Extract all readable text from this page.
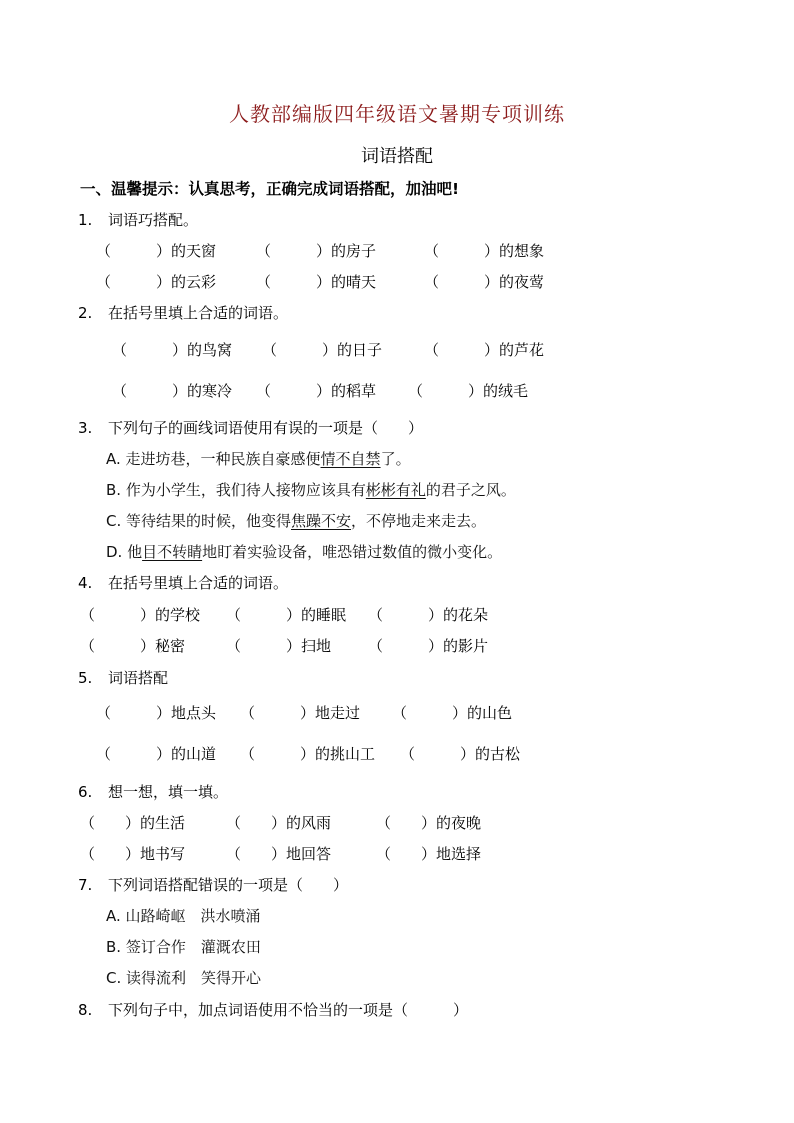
人教部编版四年级语文暑期专项训练
词语搭配
一、温馨提示：认真思考，正确完成词语搭配，加油吧!
1. 词语巧搭配。
（　　　）的天窗	（　　　）的房子	（　　　）的想象
（　　　）的云彩	（　　　）的晴天	（　　　）的夜莺
2. 在括号里填上合适的词语。
（　　　）的鸟窝 （　　　）的日子	（　　　）的芦花
（　　　）的寒冷 （　　　）的稻草 （　　　）的绒毛
3. 下列句子的画线词语使用有误的一项是（　　）
A. 走进坊巷，一种民族自豪感便情不自禁了。
B. 作为小学生，我们待人接物应该具有彬彬有礼的君子之风。
C. 等待结果的时候，他变得焦躁不安，不停地走来走去。
D. 他目不转睛地盯着实验设备，唯恐错过数值的微小变化。
4. 在括号里填上合适的词语。
（　　　）的学校 （　　　）的睡眠 （　　　）的花朵
（　　　）秘密	（　　　）扫地 （　　　）的影片
5. 词语搭配
（　　　）地点头 （　　　）地走过 （　　　）的山色
（　　　）的山道 （　　　）的挑山工 （　　　）的古松
6. 想一想，填一填。
（　　）的生活	（　　）的风雨	（　　）的夜晚
（　　）地书写	（　　）地回答	（　　）地选择
7. 下列词语搭配错误的一项是（　　）
A. 山路崎岖　洪水喷涌
B. 签订合作　灌溉农田
C. 读得流利　笑得开心
8. 下列句子中，加点词语使用不恰当的一项是（　　　）
